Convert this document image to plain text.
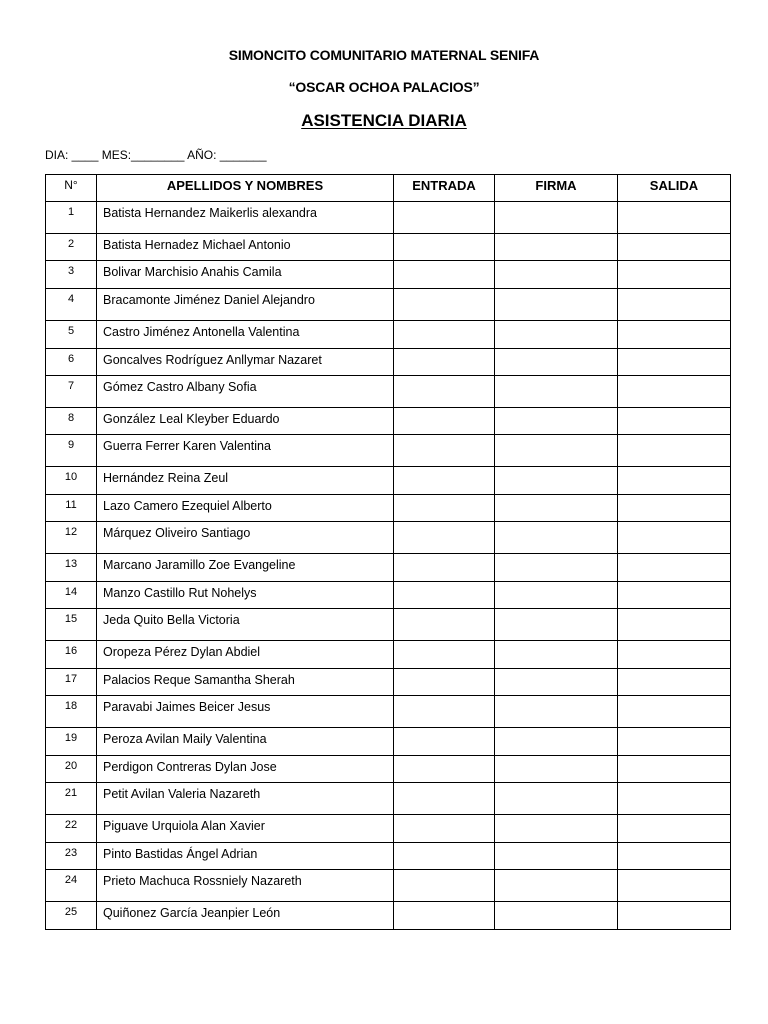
SIMONCITO COMUNITARIO MATERNAL SENIFA
“OSCAR OCHOA PALACIOS”
ASISTENCIA DIARIA
DIA: ____ MES:________ AÑO: _______
N°	APELLIDOS Y NOMBRES	ENTRADA	FIRMA	SALIDA
1	Batista Hernandez Maikerlis alexandra			
2	Batista Hernadez Michael Antonio			
3	Bolivar Marchisio Anahis Camila			
4	Bracamonte Jiménez Daniel Alejandro			
5	Castro Jiménez Antonella Valentina			
6	Goncalves Rodríguez Anllymar Nazaret			
7	Gómez Castro Albany Sofia			
8	González Leal Kleyber Eduardo			
9	Guerra Ferrer Karen Valentina			
10	Hernández Reina Zeul			
11	Lazo Camero Ezequiel Alberto			
12	Márquez Oliveiro Santiago			
13	Marcano Jaramillo Zoe Evangeline			
14	Manzo Castillo Rut Nohelys			
15	Jeda Quito Bella Victoria			
16	Oropeza Pérez Dylan Abdiel			
17	Palacios Reque Samantha Sherah			
18	Paravabi Jaimes Beicer Jesus			
19	Peroza Avilan Maily Valentina			
20	Perdigon Contreras Dylan Jose			
21	Petit Avilan Valeria Nazareth			
22	Piguave Urquiola Alan Xavier			
23	Pinto Bastidas Ángel Adrian			
24	Prieto Machuca Rossniely Nazareth			
25	Quiñonez García Jeanpier León			
